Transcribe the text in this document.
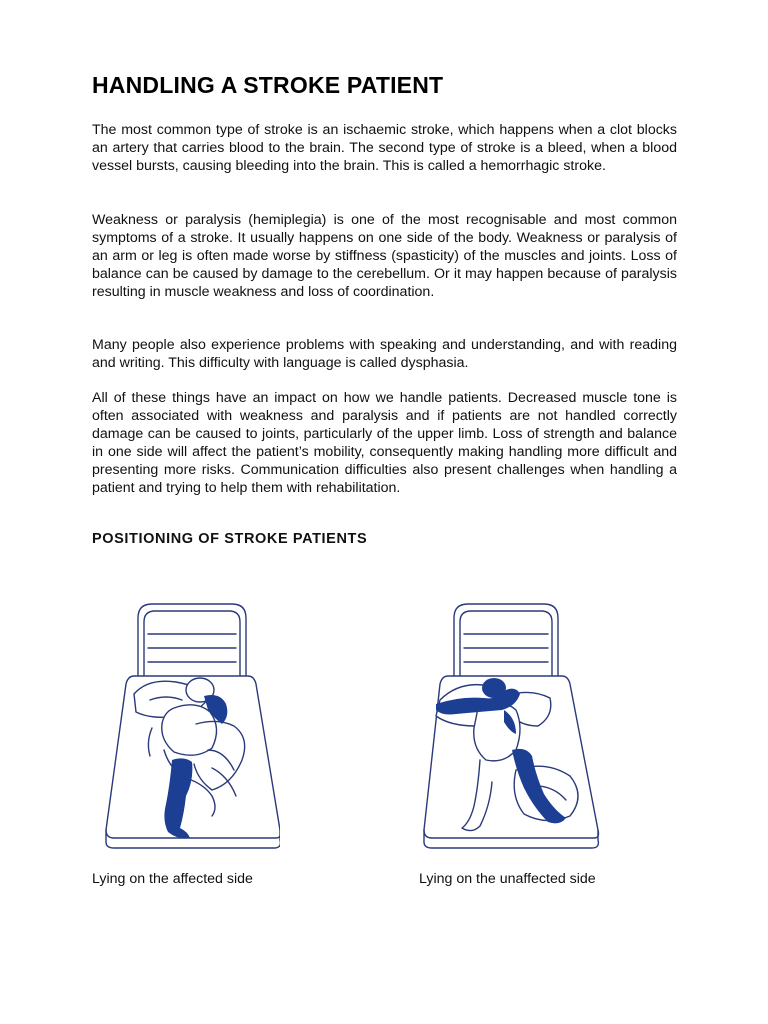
HANDLING A STROKE PATIENT

The most common type of stroke is an ischaemic stroke, which happens when a clot blocks an artery that carries blood to the brain. The second type of stroke is a bleed, when a blood vessel bursts, causing bleeding into the brain. This is called a hemorrhagic stroke.

Weakness or paralysis (hemiplegia) is one of the most recognisable and most common symptoms of a stroke. It usually happens on one side of the body. Weakness or paralysis of an arm or leg is often made worse by stiffness (spasticity) of the muscles and joints. Loss of balance can be caused by damage to the cerebellum. Or it may happen because of paralysis resulting in muscle weakness and loss of coordination.

Many people also experience problems with speaking and understanding, and with reading and writing. This difficulty with language is called dysphasia.

All of these things have an impact on how we handle patients. Decreased muscle tone is often associated with weakness and paralysis and if patients are not handled correctly damage can be caused to joints, particularly of the upper limb. Loss of strength and balance in one side will affect the patient’s mobility, consequently making handling more difficult and presenting more risks. Communication difficulties also present challenges when handling a patient and trying to help them with rehabilitation.

POSITIONING OF STROKE PATIENTS

Lying on the affected side	Lying on the unaffected side
